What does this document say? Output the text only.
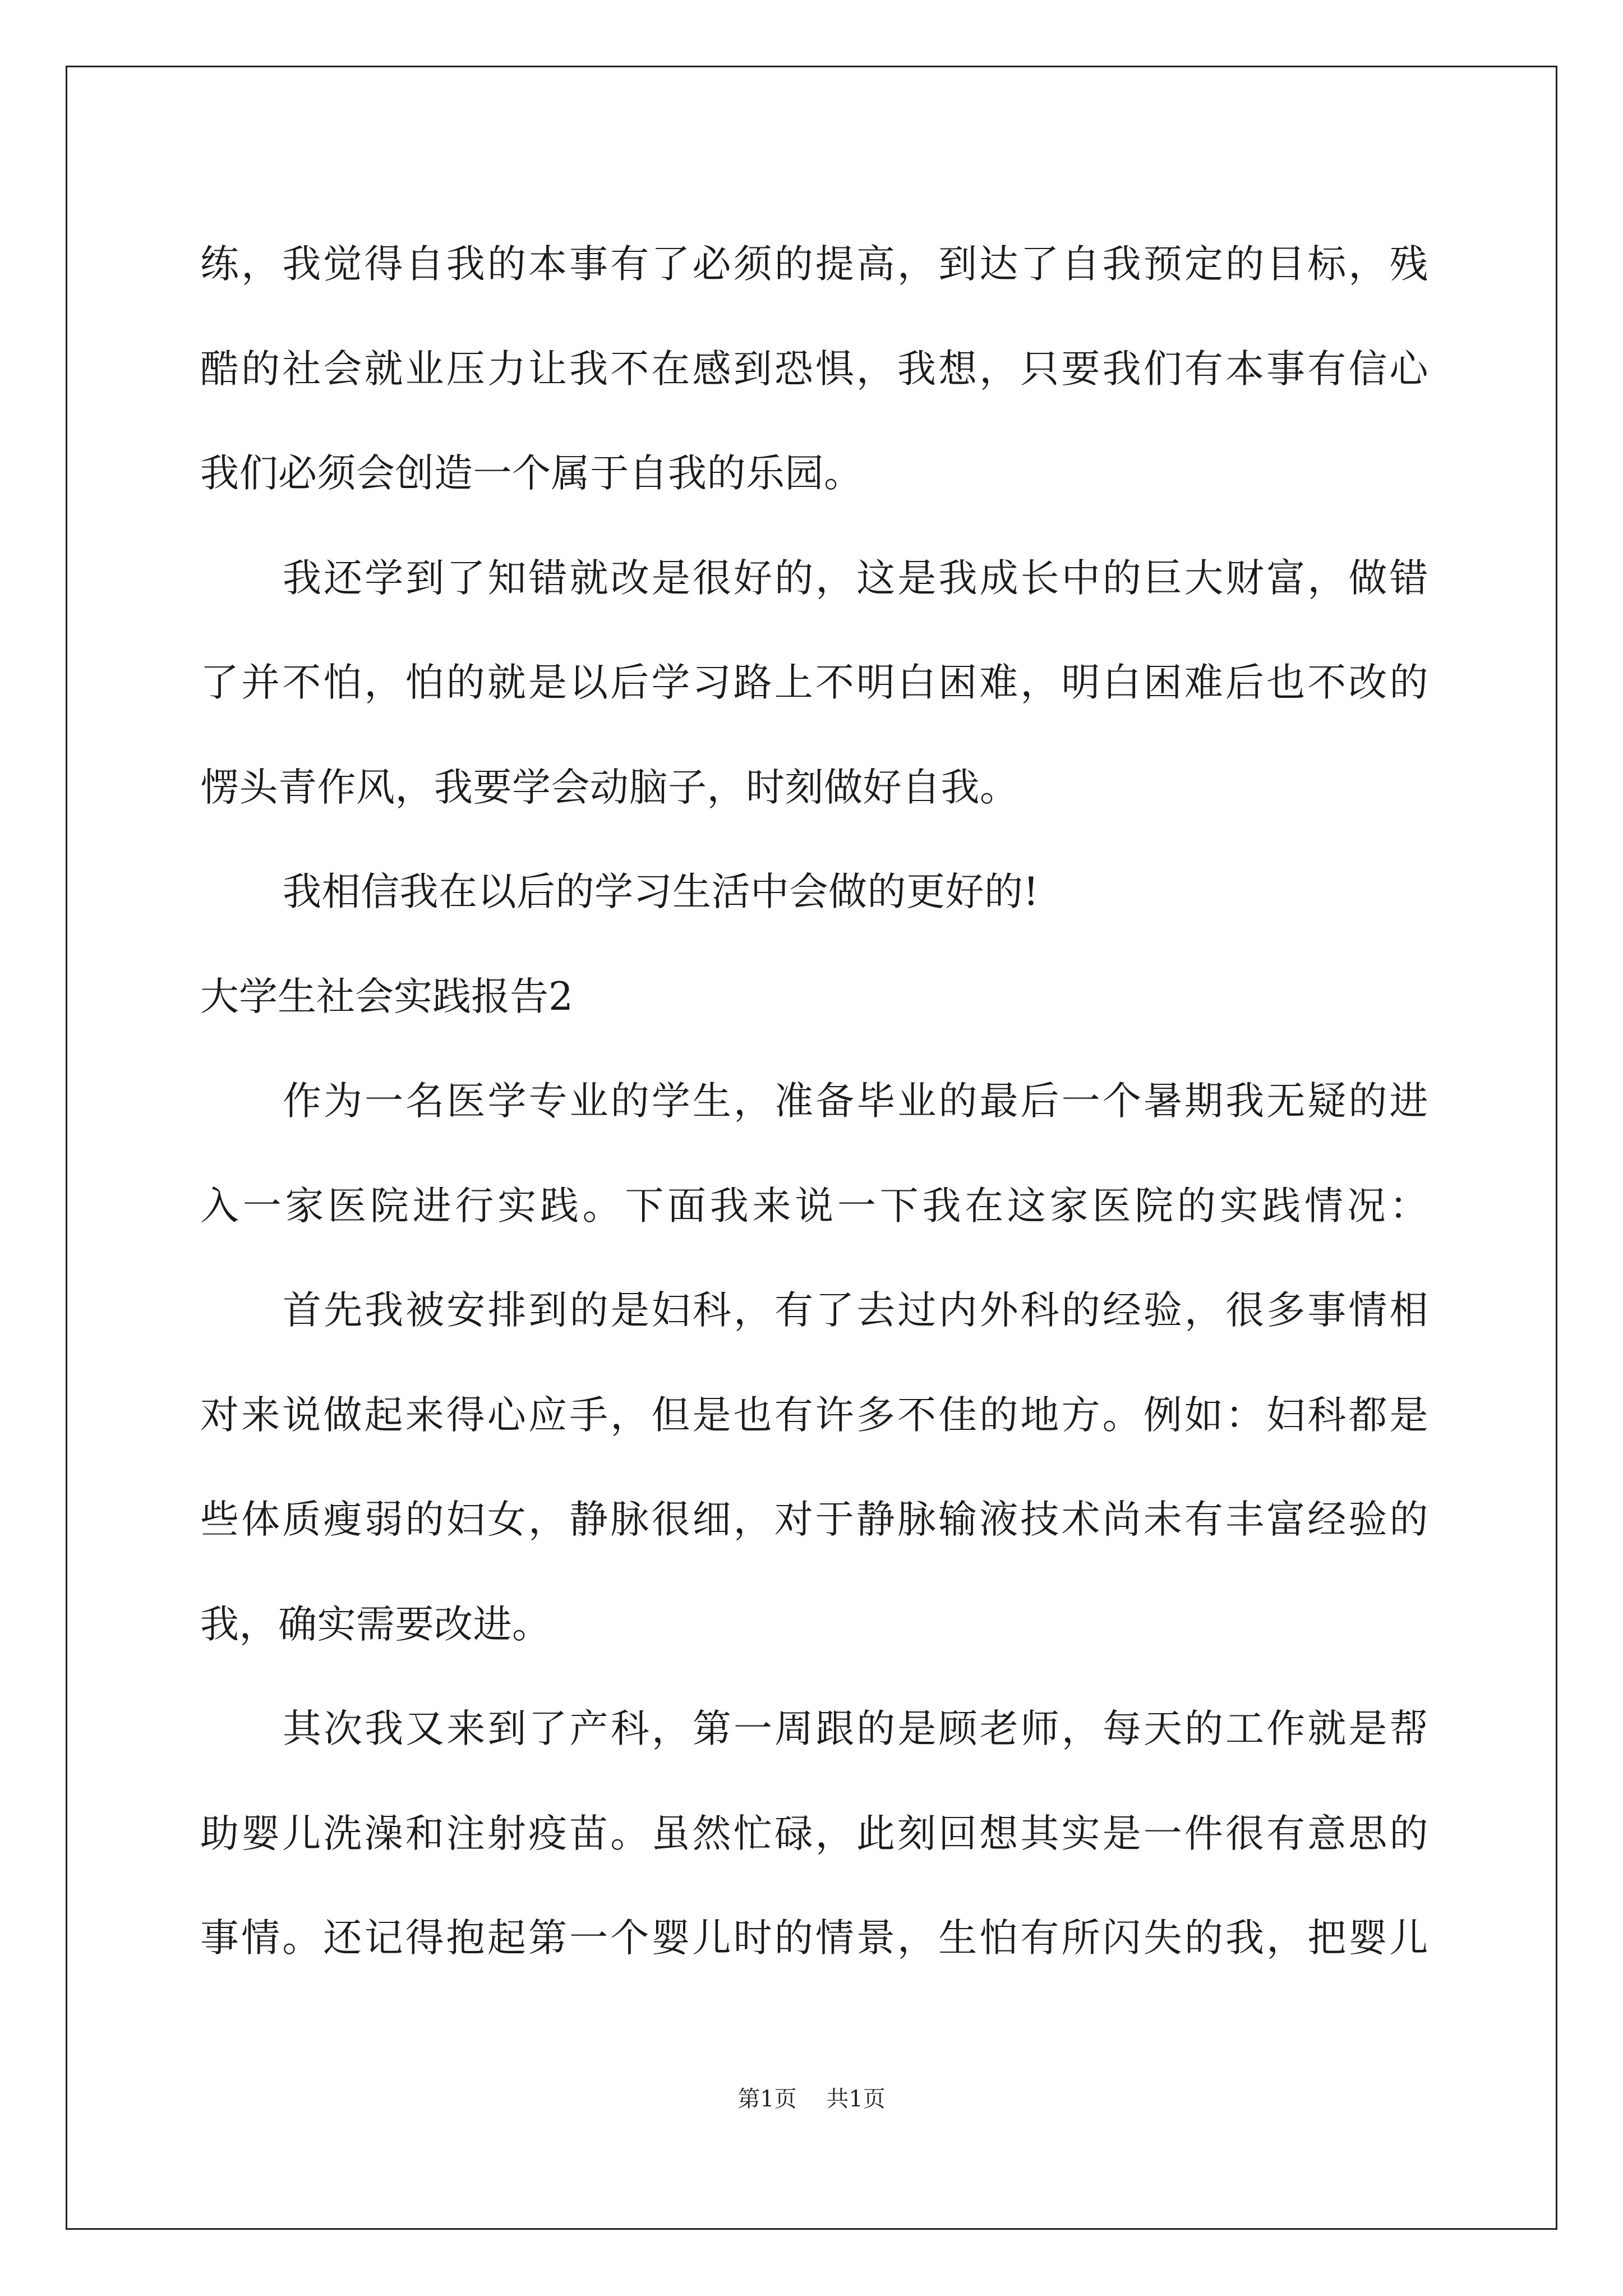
练，我觉得自我的本事有了必须的提高，到达了自我预定的目标，残
酷的社会就业压力让我不在感到恐惧，我想，只要我们有本事有信心
我们必须会创造一个属于自我的乐园。
我还学到了知错就改是很好的，这是我成长中的巨大财富，做错
了并不怕，怕的就是以后学习路上不明白困难，明白困难后也不改的
愣头青作风，我要学会动脑子，时刻做好自我。
我相信我在以后的学习生活中会做的更好的!
大学生社会实践报告2
作为一名医学专业的学生，准备毕业的最后一个暑期我无疑的进
入一家医院进行实践。下面我来说一下我在这家医院的实践情况：
首先我被安排到的是妇科，有了去过内外科的经验，很多事情相
对来说做起来得心应手，但是也有许多不佳的地方。例如：妇科都是
些体质瘦弱的妇女，静脉很细，对于静脉输液技术尚未有丰富经验的
我，确实需要改进。
其次我又来到了产科，第一周跟的是顾老师，每天的工作就是帮
助婴儿洗澡和注射疫苗。虽然忙碌，此刻回想其实是一件很有意思的
事情。还记得抱起第一个婴儿时的情景，生怕有所闪失的我，把婴儿
第1页 共1页
